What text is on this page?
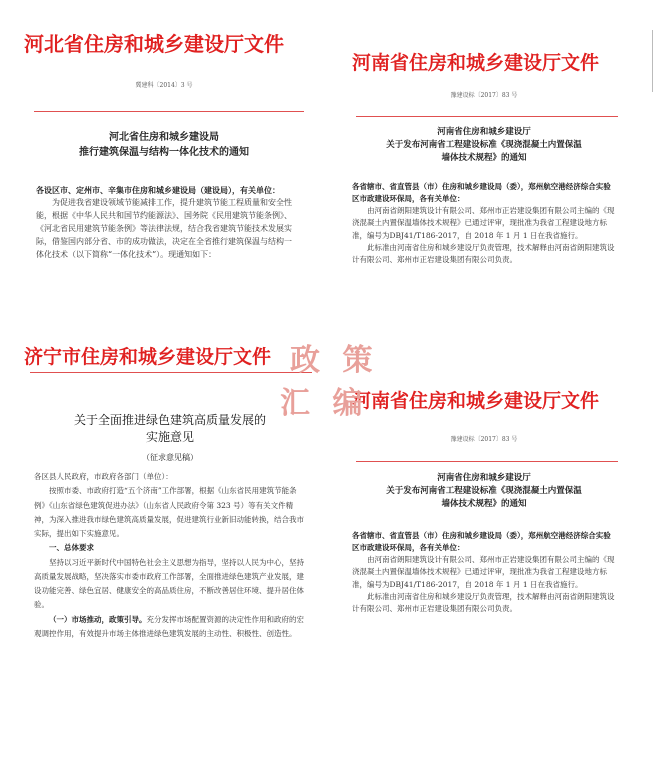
河北省住房和城乡建设厅文件
冀建科〔2014〕3 号
河北省住房和城乡建设局
推行建筑保温与结构一体化技术的通知

各设区市、定州市、辛集市住房和城乡建设局（建设局），有关单位：

为促进我省建设领域节能减排工作，提升建筑节能工程质量和安全性能，根据《中华人民共和国节约能源法》、国务院《民用建筑节能条例》、《河北省民用建筑节能条例》等法律法规，结合我省建筑节能技术发展实际，借鉴国内部分省、市的成功做法，决定在全省推行建筑保温与结构一体化技术（以下简称“一体化技术”）。现通知如下：

河南省住房和城乡建设厅文件
豫建设标〔2017〕83 号
河南省住房和城乡建设厅
关于发布河南省工程建设标准《现浇混凝土内置保温
墙体技术规程》的通知

各省辖市、省直管县（市）住房和城乡建设局（委），郑州航空港经济综合实验区市政建设环保局，各有关单位：

由河南省朗阳建筑设计有限公司、郑州市正岩建设集团有限公司主编的《现浇混凝土内置保温墙体技术规程》已通过评审，现批准为我省工程建设地方标准，编号为DBJ41/T186-2017，自 2018 年 1 月 1 日在我省施行。

此标准由河南省住房和城乡建设厅负责管理，技术解释由河南省朗阳建筑设计有限公司、郑州市正岩建设集团有限公司负责。

济宁市住房和城乡建设厅文件
关于全面推进绿色建筑高质量发展的
实施意见
（征求意见稿）

各区县人民政府，市政府各部门（单位）：

按照市委、市政府打造“五个济南”工作部署，根据《山东省民用建筑节能条例》《山东省绿色建筑促进办法》（山东省人民政府令第 323 号）等有关文件精神，为深入推进我市绿色建筑高质量发展，促进建筑行业新旧动能转换，结合我市实际，提出如下实施意见。

一、总体要求

坚持以习近平新时代中国特色社会主义思想为指导，坚持以人民为中心，坚持高质量发展战略，坚决落实市委市政府工作部署，全面推进绿色建筑产业发展，建设功能完善、绿色宜居、健康安全的高品质住房，不断改善居住环境、提升居住体验。

（一）市场推动，政策引导。充分发挥市场配置资源的决定性作用和政府的宏观调控作用，有效提升市场主体推进绿色建筑发展的主动性、积极性、创造性。

河南省住房和城乡建设厅文件
豫建设标〔2017〕83 号
河南省住房和城乡建设厅
关于发布河南省工程建设标准《现浇混凝土内置保温
墙体技术规程》的通知

各省辖市、省直管县（市）住房和城乡建设局（委），郑州航空港经济综合实验区市政建设环保局，各有关单位：

由河南省朗阳建筑设计有限公司、郑州市正岩建设集团有限公司主编的《现浇混凝土内置保温墙体技术规程》已通过评审，现批准为我省工程建设地方标准，编号为DBJ41/T186-2017，自 2018 年 1 月 1 日在我省施行。

此标准由河南省住房和城乡建设厅负责管理，技术解释由河南省朗阳建筑设计有限公司、郑州市正岩建设集团有限公司负责。

政 策
汇 编
